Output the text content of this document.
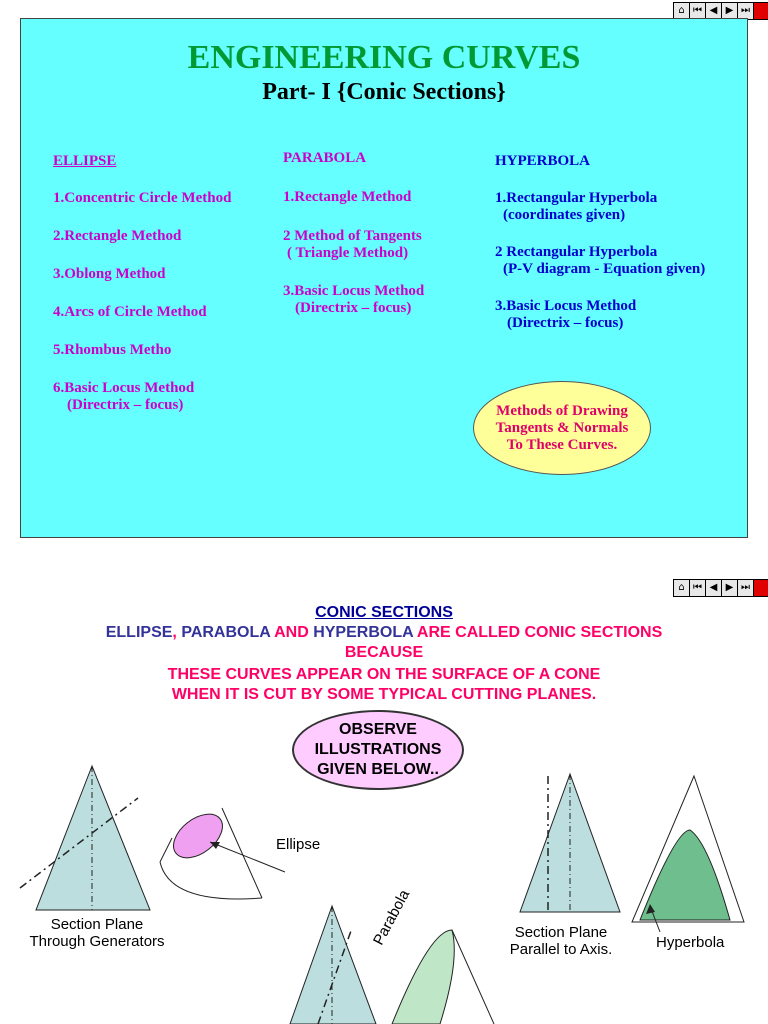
⌂ ⏮ ◀ ▶ ⏭
ENGINEERING CURVES
Part- I {Conic Sections}
ELLIPSE
1.Concentric Circle Method
2.Rectangle Method
3.Oblong Method
4.Arcs of Circle Method
5.Rhombus Metho
6.Basic Locus Method
(Directrix – focus)
PARABOLA
1.Rectangle Method
2 Method of Tangents
( Triangle Method)
3.Basic Locus Method
(Directrix – focus)
HYPERBOLA
1.Rectangular Hyperbola
(coordinates given)
2 Rectangular Hyperbola
(P-V diagram - Equation given)
3.Basic Locus Method
(Directrix – focus)
Methods of Drawing
Tangents & Normals
To These Curves.
⌂ ⏮ ◀ ▶ ⏭
CONIC SECTIONS
ELLIPSE, PARABOLA AND HYPERBOLA ARE CALLED CONIC SECTIONS
BECAUSE
THESE CURVES APPEAR ON THE SURFACE OF A CONE
WHEN IT IS CUT BY SOME TYPICAL CUTTING PLANES.
OBSERVE
ILLUSTRATIONS
GIVEN BELOW..
Ellipse
Section Plane
Through Generators	Parabola	Section Plane
Parallel to Axis.	Hyperbola
